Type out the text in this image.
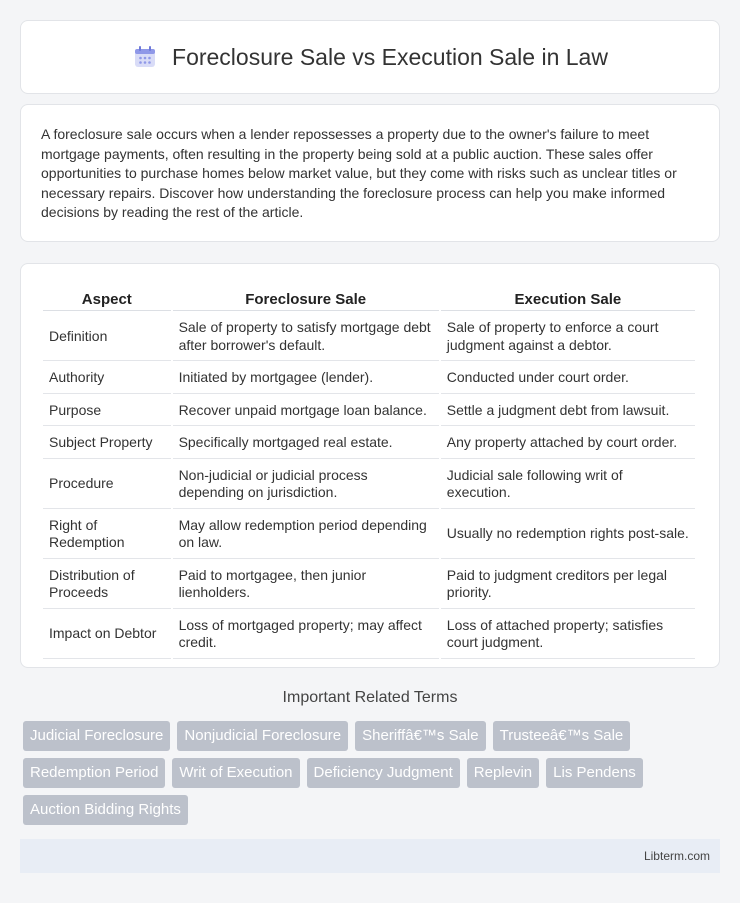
Foreclosure Sale vs Execution Sale in Law

A foreclosure sale occurs when a lender repossesses a property due to the owner's failure to meet mortgage payments, often resulting in the property being sold at a public auction. These sales offer opportunities to purchase homes below market value, but they come with risks such as unclear titles or necessary repairs. Discover how understanding the foreclosure process can help you make informed decisions by reading the rest of the article.

Aspect	Foreclosure Sale	Execution Sale
Definition	Sale of property to satisfy mortgage debt after borrower's default.	Sale of property to enforce a court judgment against a debtor.
Authority	Initiated by mortgagee (lender).	Conducted under court order.
Purpose	Recover unpaid mortgage loan balance.	Settle a judgment debt from lawsuit.
Subject Property	Specifically mortgaged real estate.	Any property attached by court order.
Procedure	Non-judicial or judicial process depending on jurisdiction.	Judicial sale following writ of execution.
Right of Redemption	May allow redemption period depending on law.	Usually no redemption rights post-sale.
Distribution of Proceeds	Paid to mortgagee, then junior lienholders.	Paid to judgment creditors per legal priority.
Impact on Debtor	Loss of mortgaged property; may affect credit.	Loss of attached property; satisfies court judgment.
Important Related Terms
Judicial Foreclosure	Nonjudicial Foreclosure	Sheriffâ€™s Sale	Trusteeâ€™s Sale
Redemption Period	Writ of Execution	Deficiency Judgment	Replevin	Lis Pendens
Auction Bidding Rights
Libterm.com
